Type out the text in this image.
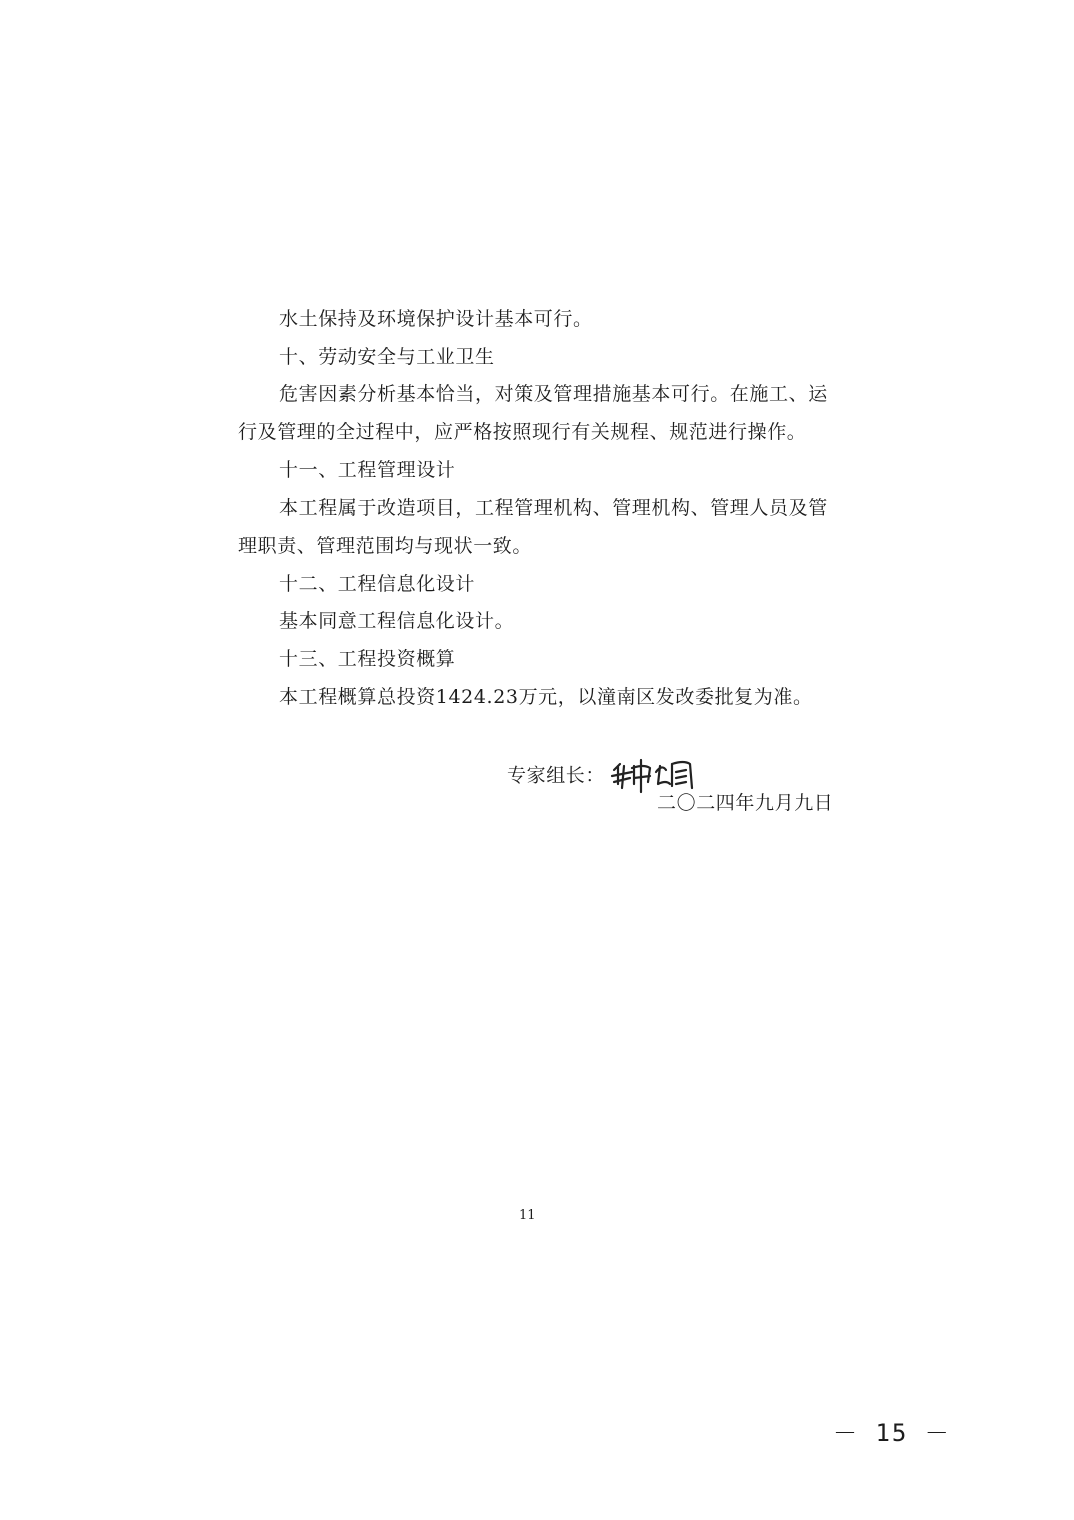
水土保持及环境保护设计基本可行。
十、劳动安全与工业卫生
危害因素分析基本恰当，对策及管理措施基本可行。在施工、运
行及管理的全过程中，应严格按照现行有关规程、规范进行操作。
十一、工程管理设计
本工程属于改造项目，工程管理机构、管理机构、管理人员及管
理职责、管理范围均与现状一致。
十二、工程信息化设计
基本同意工程信息化设计。
十三、工程投资概算
本工程概算总投资1424.23万元，以潼南区发改委批复为准。
专家组长：
二〇二四年九月九日
11
－ 15 －
